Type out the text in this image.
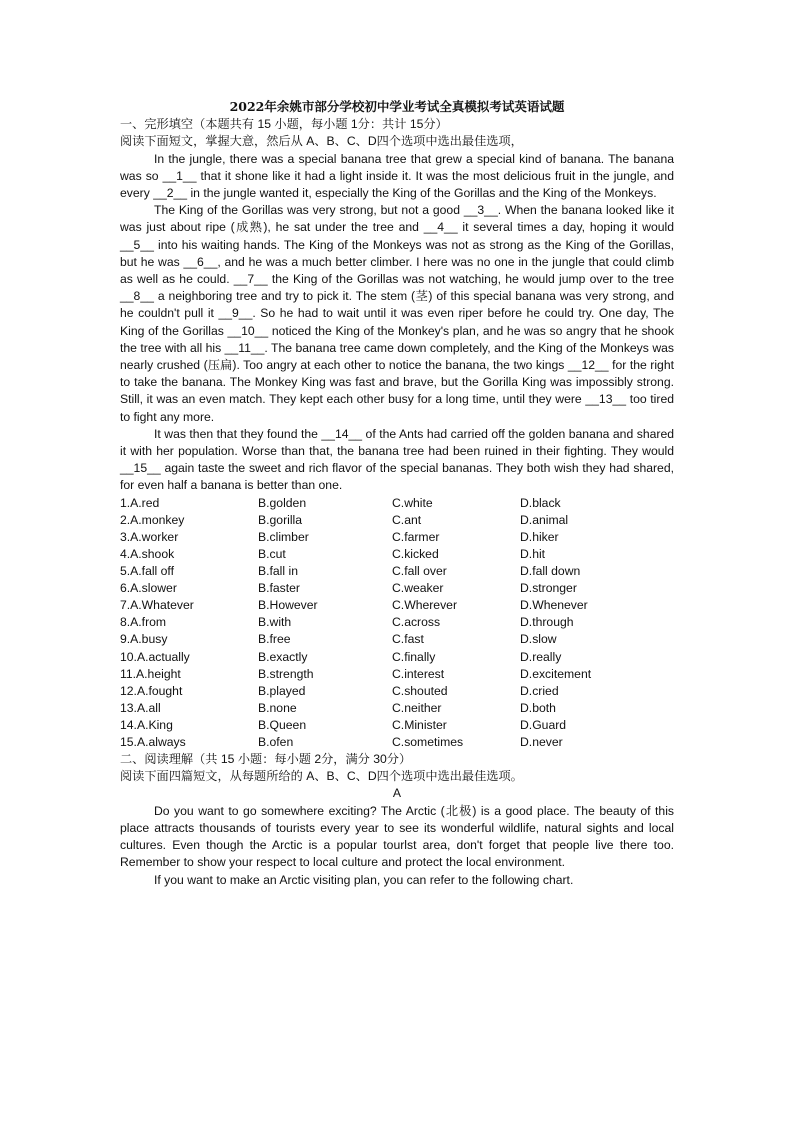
2022年余姚市部分学校初中学业考试全真模拟考试英语试题
一、完形填空（本题共有 15 小题，每小题 1分：共计 15分）
阅读下面短文，掌握大意，然后从 A、B、C、D四个选项中选出最佳选项，

In the jungle, there was a special banana tree that grew a special kind of banana. The banana was so __1__ that it shone like it had a light inside it. It was the most delicious fruit in the jungle, and every __2__ in the jungle wanted it, especially the King of the Gorillas and the King of the Monkeys.

The King of the Gorillas was very strong, but not a good __3__. When the banana looked like it was just about ripe (成熟), he sat under the tree and __4__ it several times a day, hoping it would __5__ into his waiting hands. The King of the Monkeys was not as strong as the King of the Gorillas, but he was __6__, and he was a much better climber. I here was no one in the jungle that could climb as well as he could. __7__ the King of the Gorillas was not watching, he would jump over to the tree __8__ a neighboring tree and try to pick it. The stem (茎) of this special banana was very strong, and he couldn't pull it __9__. So he had to wait until it was even riper before he could try. One day, The King of the Gorillas __10__ noticed the King of the Monkey's plan, and he was so angry that he shook the tree with all his __11__. The banana tree came down completely, and the King of the Monkeys was nearly crushed (压扁). Too angry at each other to notice the banana, the two kings __12__ for the right to take the banana. The Monkey King was fast and brave, but the Gorilla King was impossibly strong. Still, it was an even match. They kept each other busy for a long time, until they were __13__ too tired to fight any more.

It was then that they found the __14__ of the Ants had carried off the golden banana and shared it with her population. Worse than that, the banana tree had been ruined in their fighting. They would __15__ again taste the sweet and rich flavor of the special bananas. They both wish they had shared, for even half a banana is better than one.

1.A.red	B.golden	C.white	D.black
2.A.monkey	B.gorilla	C.ant	D.animal
3.A.worker	B.climber	C.farmer	D.hiker
4.A.shook	B.cut	C.kicked	D.hit
5.A.fall off	B.fall in	C.fall over	D.fall down
6.A.slower	B.faster	C.weaker	D.stronger
7.A.Whatever	B.However	C.Wherever	D.Whenever
8.A.from	B.with	C.across	D.through
9.A.busy	B.free	C.fast	D.slow
10.A.actually	B.exactly	C.finally	D.really
11.A.height	B.strength	C.interest	D.excitement
12.A.fought	B.played	C.shouted	D.cried
13.A.all	B.none	C.neither	D.both
14.A.King	B.Queen	C.Minister	D.Guard
15.A.always	B.ofen	C.sometimes	D.never
二、阅读理解（共 15 小题：每小题 2分，满分 30分）
阅读下面四篇短文，从每题所给的 A、B、C、D四个选项中选出最佳选项。
A

Do you want to go somewhere exciting? The Arctic (北极) is a good place. The beauty of this place attracts thousands of tourists every year to see its wonderful wildlife, natural sights and local cultures. Even though the Arctic is a popular tourlst area, don't forget that people live there too. Remember to show your respect to local culture and protect the local environment.

If you want to make an Arctic visiting plan, you can refer to the following chart.
